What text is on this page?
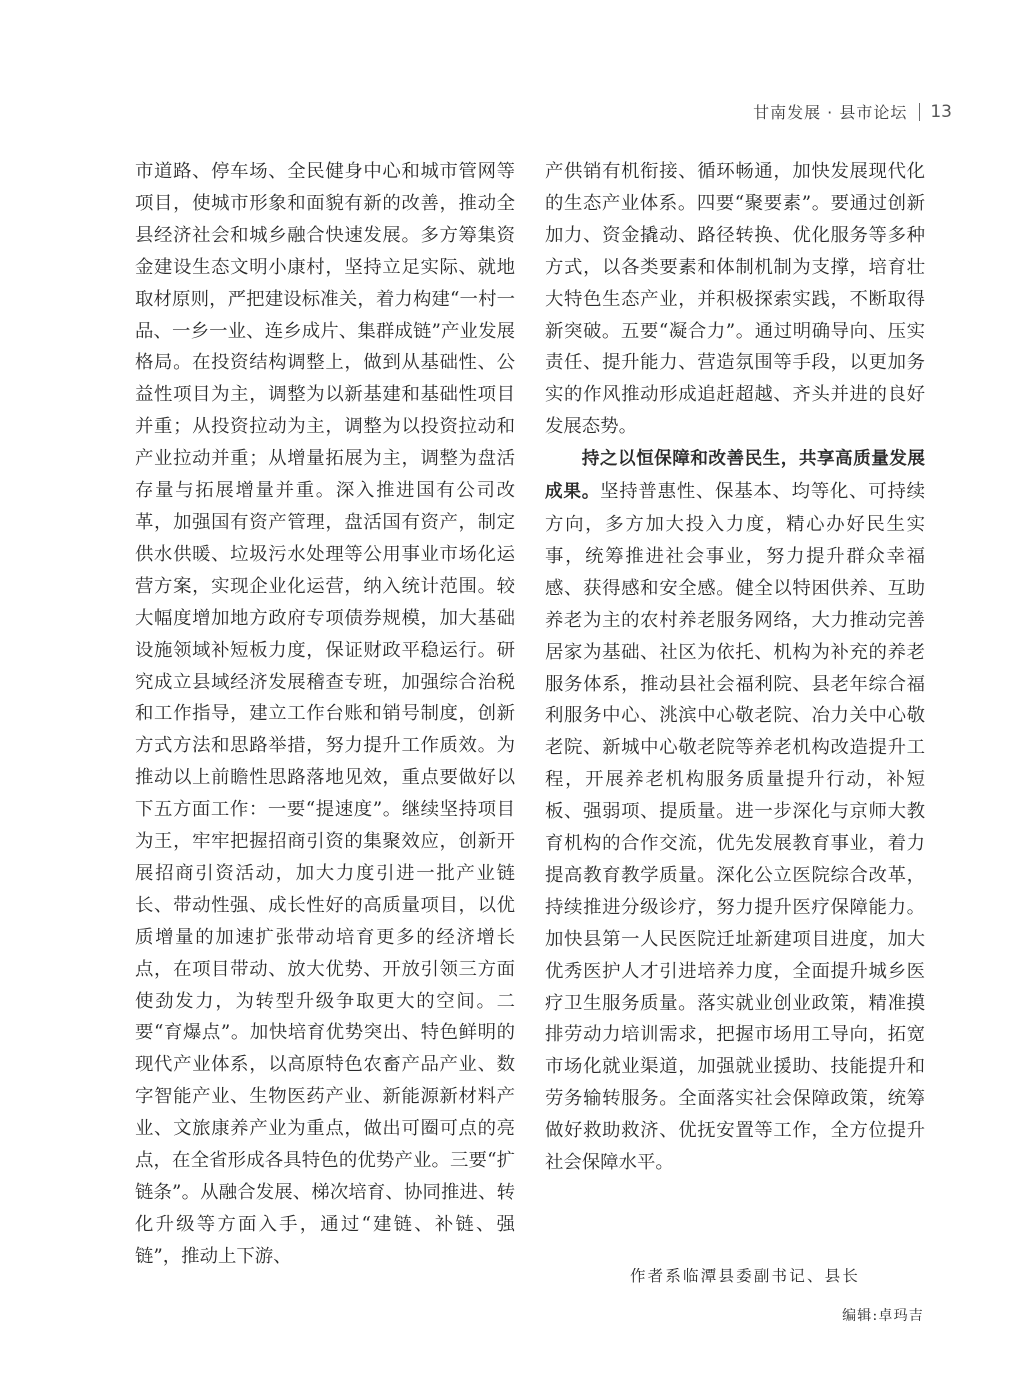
甘南发展 · 县市论坛 13

市道路、停车场、全民健身中心和城市管网等项目，使城市形象和面貌有新的改善，推动全县经济社会和城乡融合快速发展。多方筹集资金建设生态文明小康村，坚持立足实际、就地取材原则，严把建设标准关，着力构建“一村一品、一乡一业、连乡成片、集群成链”产业发展格局。在投资结构调整上，做到从基础性、公益性项目为主，调整为以新基建和基础性项目并重；从投资拉动为主，调整为以投资拉动和产业拉动并重；从增量拓展为主，调整为盘活存量与拓展增量并重。深入推进国有公司改革，加强国有资产管理，盘活国有资产，制定供水供暖、垃圾污水处理等公用事业市场化运营方案，实现企业化运营，纳入统计范围。较大幅度增加地方政府专项债券规模，加大基础设施领域补短板力度，保证财政平稳运行。研究成立县域经济发展稽查专班，加强综合治税和工作指导，建立工作台账和销号制度，创新方式方法和思路举措，努力提升工作质效。为推动以上前瞻性思路落地见效，重点要做好以下五方面工作：一要“提速度”。继续坚持项目为王，牢牢把握招商引资的集聚效应，创新开展招商引资活动，加大力度引进一批产业链长、带动性强、成长性好的高质量项目，以优质增量的加速扩张带动培育更多的经济增长点，在项目带动、放大优势、开放引领三方面使劲发力，为转型升级争取更大的空间。二要“育爆点”。加快培育优势突出、特色鲜明的现代产业体系，以高原特色农畜产品产业、数字智能产业、生物医药产业、新能源新材料产业、文旅康养产业为重点，做出可圈可点的亮点，在全省形成各具特色的优势产业。三要“扩链条”。从融合发展、梯次培育、协同推进、转化升级等方面入手，通过“建链、补链、强链”，推动上下游、

产供销有机衔接、循环畅通，加快发展现代化的生态产业体系。四要“聚要素”。要通过创新加力、资金撬动、路径转换、优化服务等多种方式，以各类要素和体制机制为支撑，培育壮大特色生态产业，并积极探索实践，不断取得新突破。五要“凝合力”。通过明确导向、压实责任、提升能力、营造氛围等手段，以更加务实的作风推动形成追赶超越、齐头并进的良好发展态势。

持之以恒保障和改善民生，共享高质量发展成果。坚持普惠性、保基本、均等化、可持续方向，多方加大投入力度，精心办好民生实事，统筹推进社会事业，努力提升群众幸福感、获得感和安全感。健全以特困供养、互助养老为主的农村养老服务网络，大力推动完善居家为基础、社区为依托、机构为补充的养老服务体系，推动县社会福利院、县老年综合福利服务中心、洮滨中心敬老院、冶力关中心敬老院、新城中心敬老院等养老机构改造提升工程，开展养老机构服务质量提升行动，补短板、强弱项、提质量。进一步深化与京师大教育机构的合作交流，优先发展教育事业，着力提高教育教学质量。深化公立医院综合改革，持续推进分级诊疗，努力提升医疗保障能力。加快县第一人民医院迁址新建项目进度，加大优秀医护人才引进培养力度，全面提升城乡医疗卫生服务质量。落实就业创业政策，精准摸排劳动力培训需求，把握市场用工导向，拓宽市场化就业渠道，加强就业援助、技能提升和劳务输转服务。全面落实社会保障政策，统筹做好救助救济、优抚安置等工作，全方位提升社会保障水平。

作者系临潭县委副书记、县长
编辑:卓玛吉
